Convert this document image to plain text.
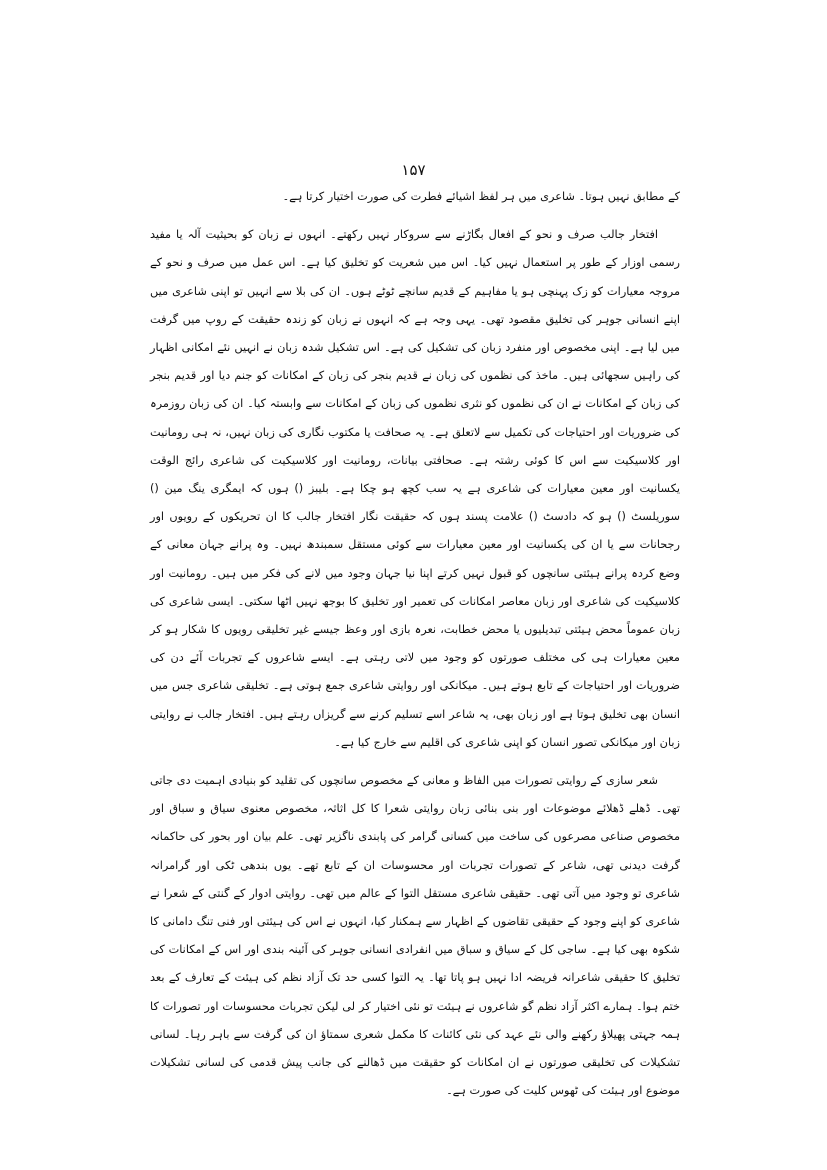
۱۵۷

کے مطابق نہیں ہوتا۔ شاعری میں ہر لفظ اشیائے فطرت کی صورت اختیار کرتا ہے۔

افتخار جالب صرف و نحو کے افعال بگاڑنے سے سروکار نہیں رکھتے۔ انہوں نے زبان کو بحیثیت آلہ یا مفید رسمی اوزار کے طور پر استعمال نہیں کیا۔ اس میں شعریت کو تخلیق کیا ہے۔ اس عمل میں صرف و نحو کے مروجہ معیارات کو زک پہنچی ہو یا مفاہیم کے قدیم سانچے ٹوٹے ہوں۔ ان کی بلا سے انہیں تو اپنی شاعری میں اپنے انسانی جوہر کی تخلیق مقصود تھی۔ یہی وجہ ہے کہ انہوں نے زبان کو زندہ حقیقت کے روپ میں گرفت میں لیا ہے۔ اپنی مخصوص اور منفرد زبان کی تشکیل کی ہے۔ اس تشکیل شدہ زبان نے انہیں نئے امکانی اظہار کی راہیں سجھائی ہیں۔ ماخذ کی نظموں کی زبان نے قدیم بنجر کی زبان کے امکانات کو جنم دیا اور قدیم بنجر کی زبان کے امکانات نے ان کی نظموں کو نثری نظموں کی زبان کے امکانات سے وابستہ کیا۔ ان کی زبان روزمرہ کی ضروریات اور احتیاجات کی تکمیل سے لاتعلق ہے۔ یہ صحافت یا مکتوب نگاری کی زبان نہیں، نہ ہی رومانیت اور کلاسیکیت سے اس کا کوئی رشتہ ہے۔ صحافتی بیانات، رومانیت اور کلاسیکیت کی شاعری رائج الوقت یکسانیت اور معین معیارات کی شاعری ہے یہ سب کچھ ہو چکا ہے۔ بلیبز () ہوں کہ ایمگری ینگ مین () سوریلسٹ () ہو کہ دادسٹ () علامت پسند ہوں کہ حقیقت نگار افتخار جالب کا ان تحریکوں کے رویوں اور رجحانات سے یا ان کی یکسانیت اور معین معیارات سے کوئی مستقل سمبندھ نہیں۔ وہ پرانے جہان معانی کے وضع کردہ پرانے ہیئتی سانچوں کو قبول نہیں کرتے اپنا نیا جہان وجود میں لانے کی فکر میں ہیں۔ رومانیت اور کلاسیکیت کی شاعری اور زبان معاصر امکانات کی تعمیر اور تخلیق کا بوجھ نہیں اٹھا سکتی۔ ایسی شاعری کی زبان عموماً محض ہیئتی تبدیلیوں یا محض خطابت، نعرہ بازی اور وعظ جیسے غیر تخلیقی رویوں کا شکار ہو کر معین معیارات ہی کی مختلف صورتوں کو وجود میں لاتی رہتی ہے۔ ایسے شاعروں کے تجربات آئے دن کی ضروریات اور احتیاجات کے تابع ہوتے ہیں۔ میکانکی اور روایتی شاعری جمع ہوتی ہے۔ تخلیقی شاعری جس میں انسان بھی تخلیق ہوتا ہے اور زبان بھی، یہ شاعر اسے تسلیم کرنے سے گریزاں رہتے ہیں۔ افتخار جالب نے روایتی زبان اور میکانکی تصور انسان کو اپنی شاعری کی اقلیم سے خارج کیا ہے۔

شعر سازی کے روایتی تصورات میں الفاظ و معانی کے مخصوص سانچوں کی تقلید کو بنیادی اہمیت دی جاتی تھی۔ ڈھلے ڈھلائے موضوعات اور بنی بنائی زبان روایتی شعرا کا کل اثاثہ، مخصوص معنوی سیاق و سباق اور مخصوص صناعی مصرعوں کی ساخت میں کسانی گرامر کی پابندی ناگزیر تھی۔ علم بیان اور بحور کی حاکمانہ گرفت دیدنی تھی، شاعر کے تصورات تجربات اور محسوسات ان کے تابع تھے۔ یوں بندھی ٹکی اور گرامرانہ شاعری تو وجود میں آتی تھی۔ حقیقی شاعری مستقل التوا کے عالم میں تھی۔ روایتی ادوار کے گنتی کے شعرا نے شاعری کو اپنے وجود کے حقیقی تقاضوں کے اظہار سے ہمکنار کیا، انہوں نے اس کی ہیئتی اور فنی تنگ دامانی کا شکوہ بھی کیا ہے۔ ساجی کل کے سیاق و سباق میں انفرادی انسانی جوہر کی آئینہ بندی اور اس کے امکانات کی تخلیق کا حقیقی شاعرانہ فریضہ ادا نہیں ہو پاتا تھا۔ یہ التوا کسی حد تک آزاد نظم کی ہیئت کے تعارف کے بعد ختم ہوا۔ ہمارے اکثر آزاد نظم گو شاعروں نے ہیئت تو نئی اختیار کر لی لیکن تجربات محسوسات اور تصورات کا ہمہ جہتی پھیلاؤ رکھنے والی نئے عہد کی نئی کائنات کا مکمل شعری سمتاؤ ان کی گرفت سے باہر رہا۔ لسانی تشکیلات کی تخلیقی صورتوں نے ان امکانات کو حقیقت میں ڈھالنے کی جانب پیش قدمی کی لسانی تشکیلات موضوع اور ہیئت کی ٹھوس کلیت کی صورت ہے۔
